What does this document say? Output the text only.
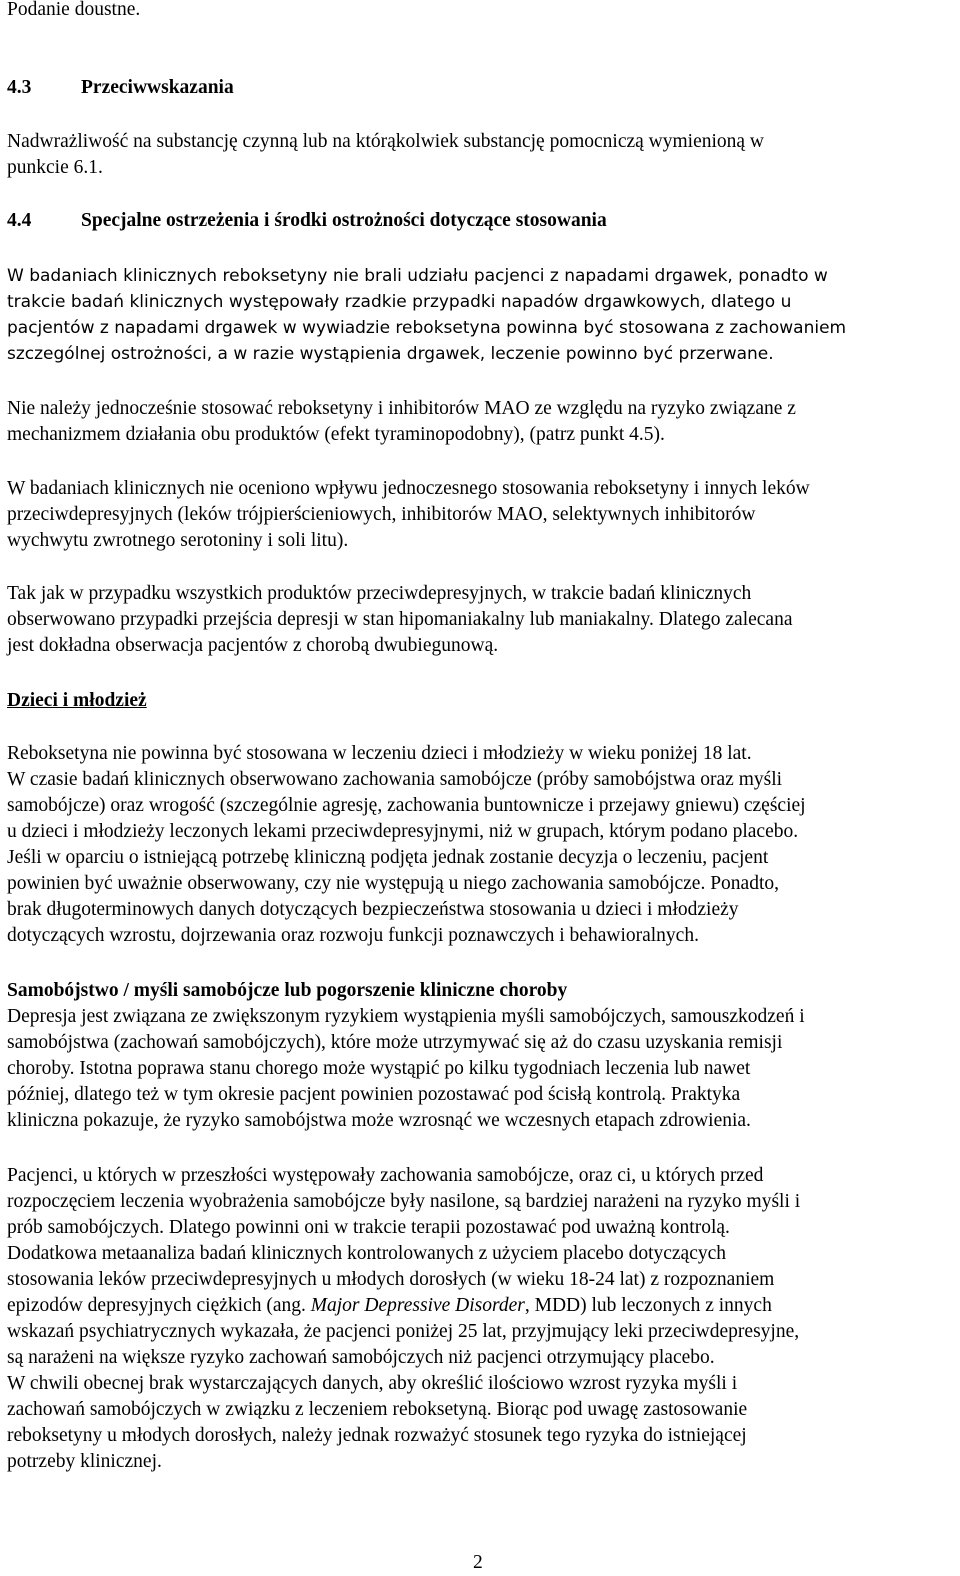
Podanie doustne.
4.3	Przeciwwskazania
Nadwrażliwość na substancję czynną lub na którąkolwiek substancję pomocniczą wymienioną w
punkcie 6.1.
4.4	Specjalne ostrzeżenia i środki ostrożności dotyczące stosowania
W badaniach klinicznych reboksetyny nie brali udziału pacjenci z napadami drgawek, ponadto w
trakcie badań klinicznych występowały rzadkie przypadki napadów drgawkowych, dlatego u
pacjentów z napadami drgawek w wywiadzie reboksetyna powinna być stosowana z zachowaniem
szczególnej ostrożności, a w razie wystąpienia drgawek, leczenie powinno być przerwane.
Nie należy jednocześnie stosować reboksetyny i inhibitorów MAO ze względu na ryzyko związane z
mechanizmem działania obu produktów (efekt tyraminopodobny), (patrz punkt 4.5).
W badaniach klinicznych nie oceniono wpływu jednoczesnego stosowania reboksetyny i innych leków
przeciwdepresyjnych (leków trójpierścieniowych, inhibitorów MAO, selektywnych inhibitorów
wychwytu zwrotnego serotoniny i soli litu).
Tak jak w przypadku wszystkich produktów przeciwdepresyjnych, w trakcie badań klinicznych
obserwowano przypadki przejścia depresji w stan hipomaniakalny lub maniakalny. Dlatego zalecana
jest dokładna obserwacja pacjentów z chorobą dwubiegunową.
Dzieci i młodzież
Reboksetyna nie powinna być stosowana w leczeniu dzieci i młodzieży w wieku poniżej 18 lat.
W czasie badań klinicznych obserwowano zachowania samobójcze (próby samobójstwa oraz myśli
samobójcze) oraz wrogość (szczególnie agresję, zachowania buntownicze i przejawy gniewu) częściej
u dzieci i młodzieży leczonych lekami przeciwdepresyjnymi, niż w grupach, którym podano placebo.
Jeśli w oparciu o istniejącą potrzebę kliniczną podjęta jednak zostanie decyzja o leczeniu, pacjent
powinien być uważnie obserwowany, czy nie występują u niego zachowania samobójcze. Ponadto,
brak długoterminowych danych dotyczących bezpieczeństwa stosowania u dzieci i młodzieży
dotyczących wzrostu, dojrzewania oraz rozwoju funkcji poznawczych i behawioralnych.
Samobójstwo / myśli samobójcze lub pogorszenie kliniczne choroby
Depresja jest związana ze zwiększonym ryzykiem wystąpienia myśli samobójczych, samouszkodzeń i
samobójstwa (zachowań samobójczych), które może utrzymywać się aż do czasu uzyskania remisji
choroby. Istotna poprawa stanu chorego może wystąpić po kilku tygodniach leczenia lub nawet
później, dlatego też w tym okresie pacjent powinien pozostawać pod ścisłą kontrolą. Praktyka
kliniczna pokazuje, że ryzyko samobójstwa może wzrosnąć we wczesnych etapach zdrowienia.
Pacjenci, u których w przeszłości występowały zachowania samobójcze, oraz ci, u których przed
rozpoczęciem leczenia wyobrażenia samobójcze były nasilone, są bardziej narażeni na ryzyko myśli i
prób samobójczych. Dlatego powinni oni w trakcie terapii pozostawać pod uważną kontrolą.
Dodatkowa metaanaliza badań klinicznych kontrolowanych z użyciem placebo dotyczących
stosowania leków przeciwdepresyjnych u młodych dorosłych (w wieku 18-24 lat) z rozpoznaniem
epizodów depresyjnych ciężkich (ang. Major Depressive Disorder, MDD) lub leczonych z innych
wskazań psychiatrycznych wykazała, że pacjenci poniżej 25 lat, przyjmujący leki przeciwdepresyjne,
są narażeni na większe ryzyko zachowań samobójczych niż pacjenci otrzymujący placebo.
W chwili obecnej brak wystarczających danych, aby określić ilościowo wzrost ryzyka myśli i
zachowań samobójczych w związku z leczeniem reboksetyną. Biorąc pod uwagę zastosowanie
reboksetyny u młodych dorosłych, należy jednak rozważyć stosunek tego ryzyka do istniejącej
potrzeby klinicznej.
2
